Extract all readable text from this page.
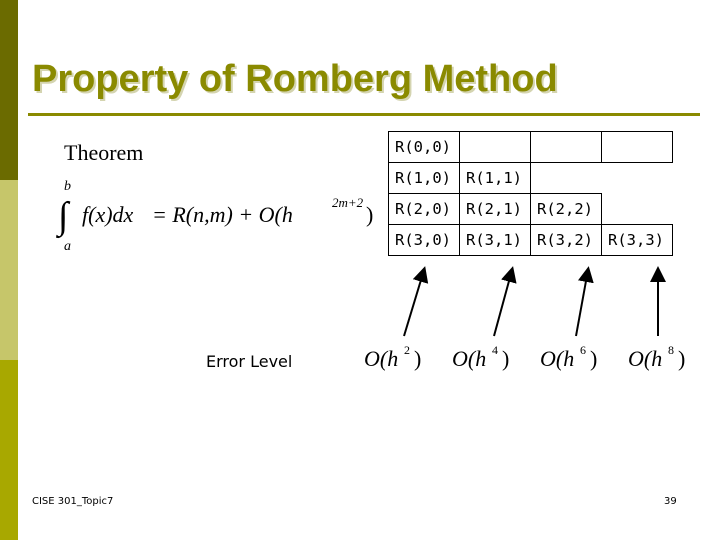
Property of Romberg Method
Theorem
b
∫
a
f(x)dx = R(n,m) + O(h	2m+2 )
R(0,0)			
R(1,0)	R(1,1)		
R(2,0)	R(2,1)	R(2,2)	
R(3,0)	R(3,1)	R(3,2)	R(3,3)
Error Level	O(h 2 ) O(h 4 ) O(h 6 ) O(h 8 )
CISE 301_Topic7	39
